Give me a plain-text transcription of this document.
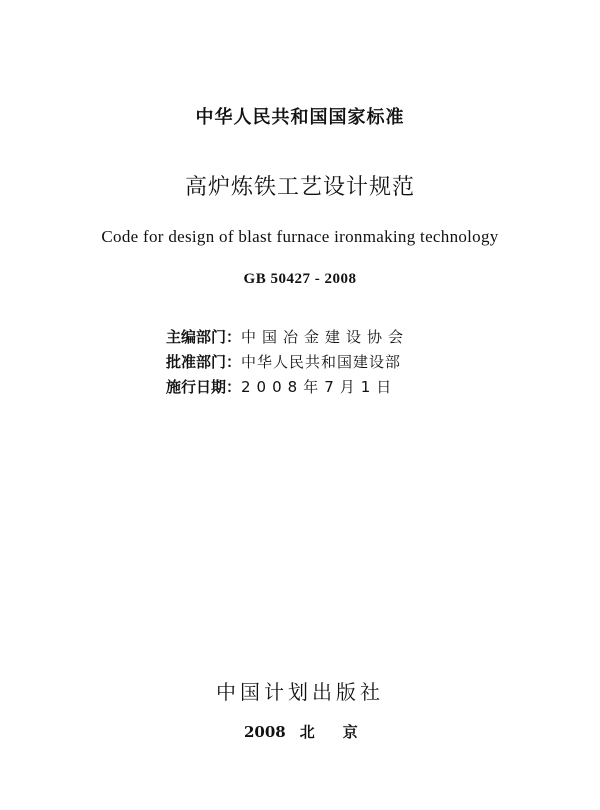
中华人民共和国国家标准
高炉炼铁工艺设计规范
Code for design of blast furnace ironmaking technology
GB 50427 - 2008
主编部门：中国冶金建设协会
批准部门：中华人民共和国建设部
施行日期：2008年7月1日
中国计划出版社
2008 北京
